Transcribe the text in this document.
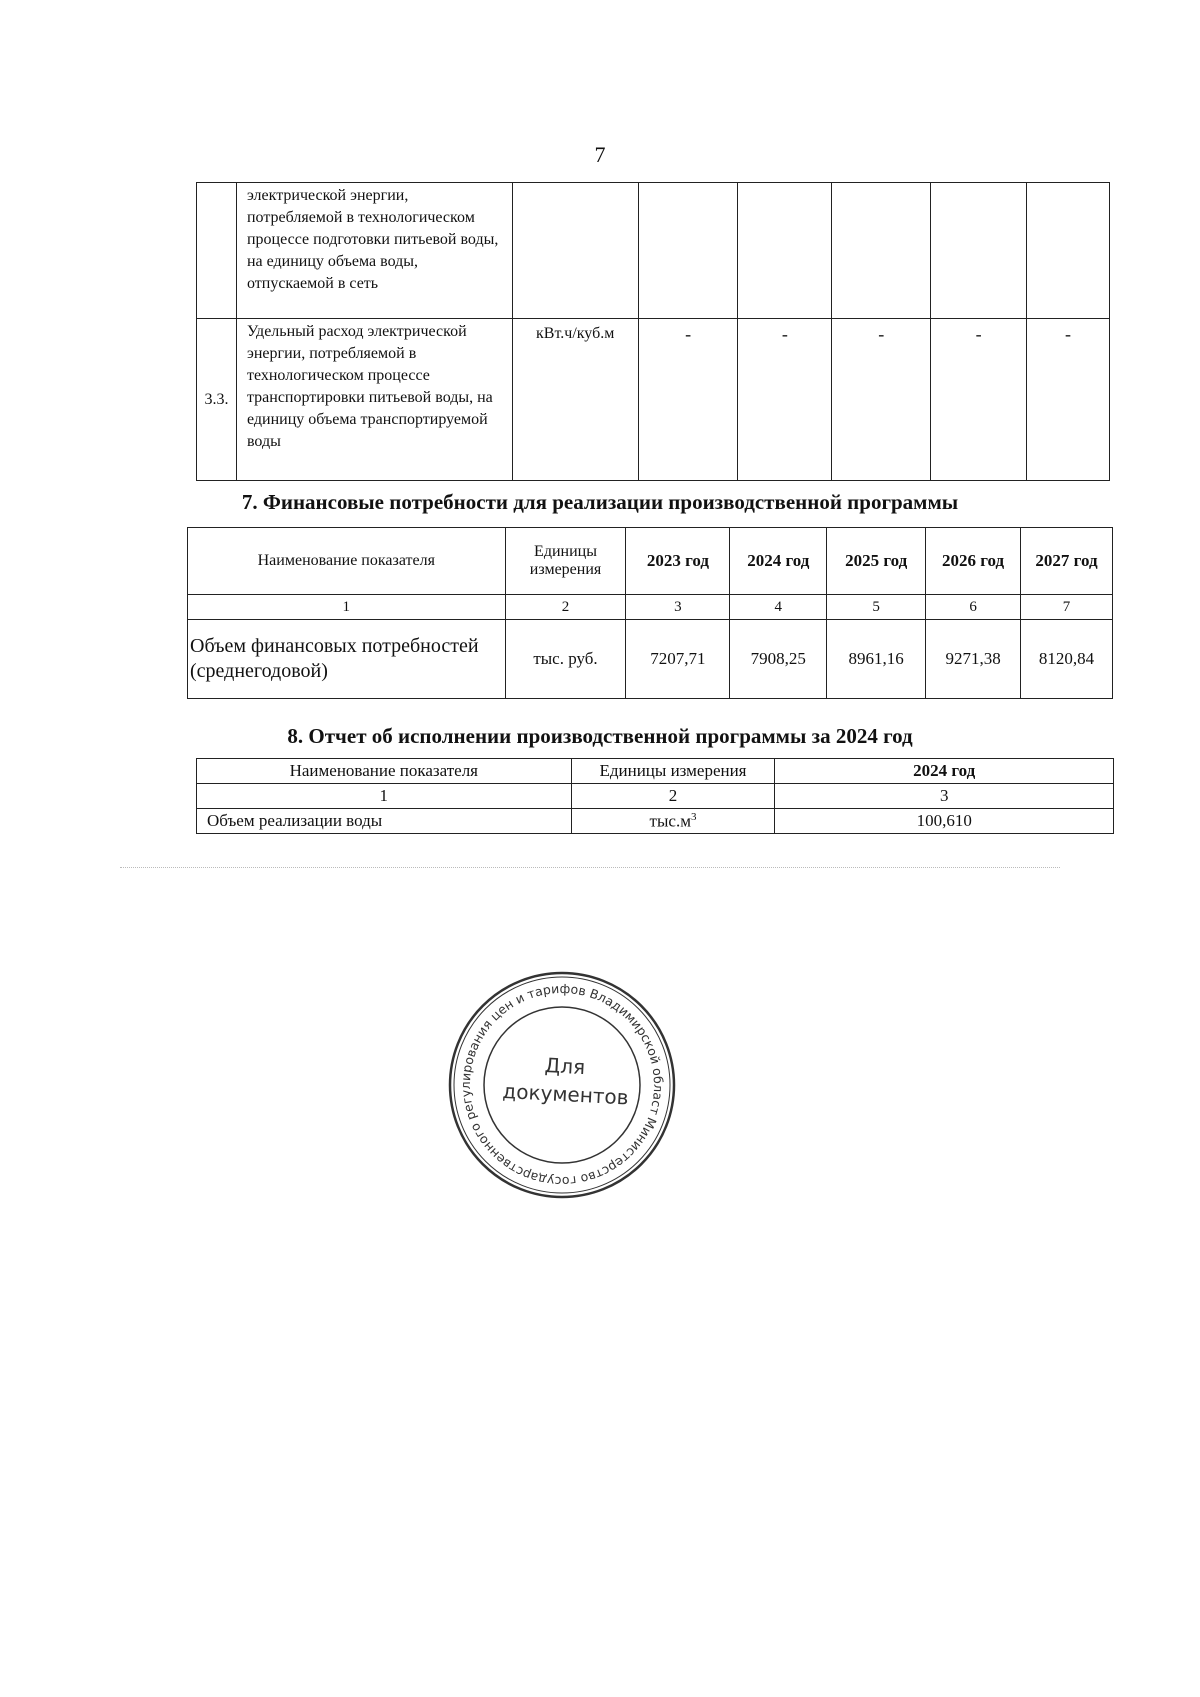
7
	электрической энергии, потребляемой в технологическом процессе подготовки питьевой воды, на единицу объема воды, отпускаемой в сеть						
3.3.	Удельный расход электрической энергии, потребляемой в технологическом процессе транспортировки питьевой воды, на единицу объема транспортируемой воды	кВт.ч/куб.м	-	-	-	-	-
7. Финансовые потребности для реализации производственной программы
Наименование показателя	Единицы измерения	2023 год	2024 год	2025 год	2026 год	2027 год
1	2	3	4	5	6	7
Объем финансовых потребностей (среднегодовой)	тыс. руб.	7207,71	7908,25	8961,16	9271,38	8120,84
8. Отчет об исполнении производственной программы за 2024 год
Наименование показателя	Единицы измерения	2024 год
1	2	3
Объем реализации воды	$тыс.м^3$	100,610
Министерство государственного регулирования цен и тарифов Владимирской области
Для
документов
